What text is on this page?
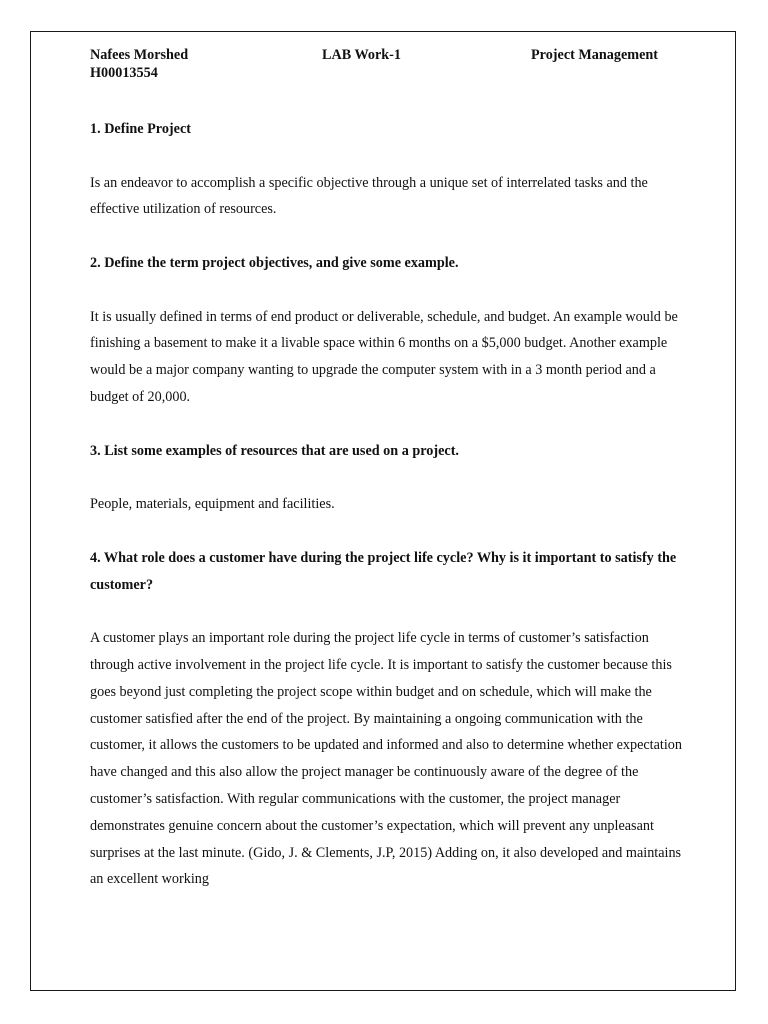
Nafees Morshed	LAB Work-1	Project Management
H00013554

1. Define Project

Is an endeavor to accomplish a specific objective through a unique set of interrelated tasks and the effective utilization of resources.

2. Define the term project objectives, and give some example.

It is usually defined in terms of end product or deliverable, schedule, and budget. An example would be finishing a basement to make it a livable space within 6 months on a $5,000 budget. Another example would be a major company wanting to upgrade the computer system with in a 3 month period and a budget of 20,000.

3. List some examples of resources that are used on a project.

People, materials, equipment and facilities.

4. What role does a customer have during the project life cycle? Why is it important to satisfy the customer?

A customer plays an important role during the project life cycle in terms of customer’s satisfaction through active involvement in the project life cycle. It is important to satisfy the customer because this goes beyond just completing the project scope within budget and on schedule, which will make the customer satisfied after the end of the project. By maintaining a ongoing communication with the customer, it allows the customers to be updated and informed and also to determine whether expectation have changed and this also allow the project manager be continuously aware of the degree of the customer’s satisfaction. With regular communications with the customer, the project manager demonstrates genuine concern about the customer’s expectation, which will prevent any unpleasant surprises at the last minute. (Gido, J. & Clements, J.P, 2015) Adding on, it also developed and maintains an excellent working
